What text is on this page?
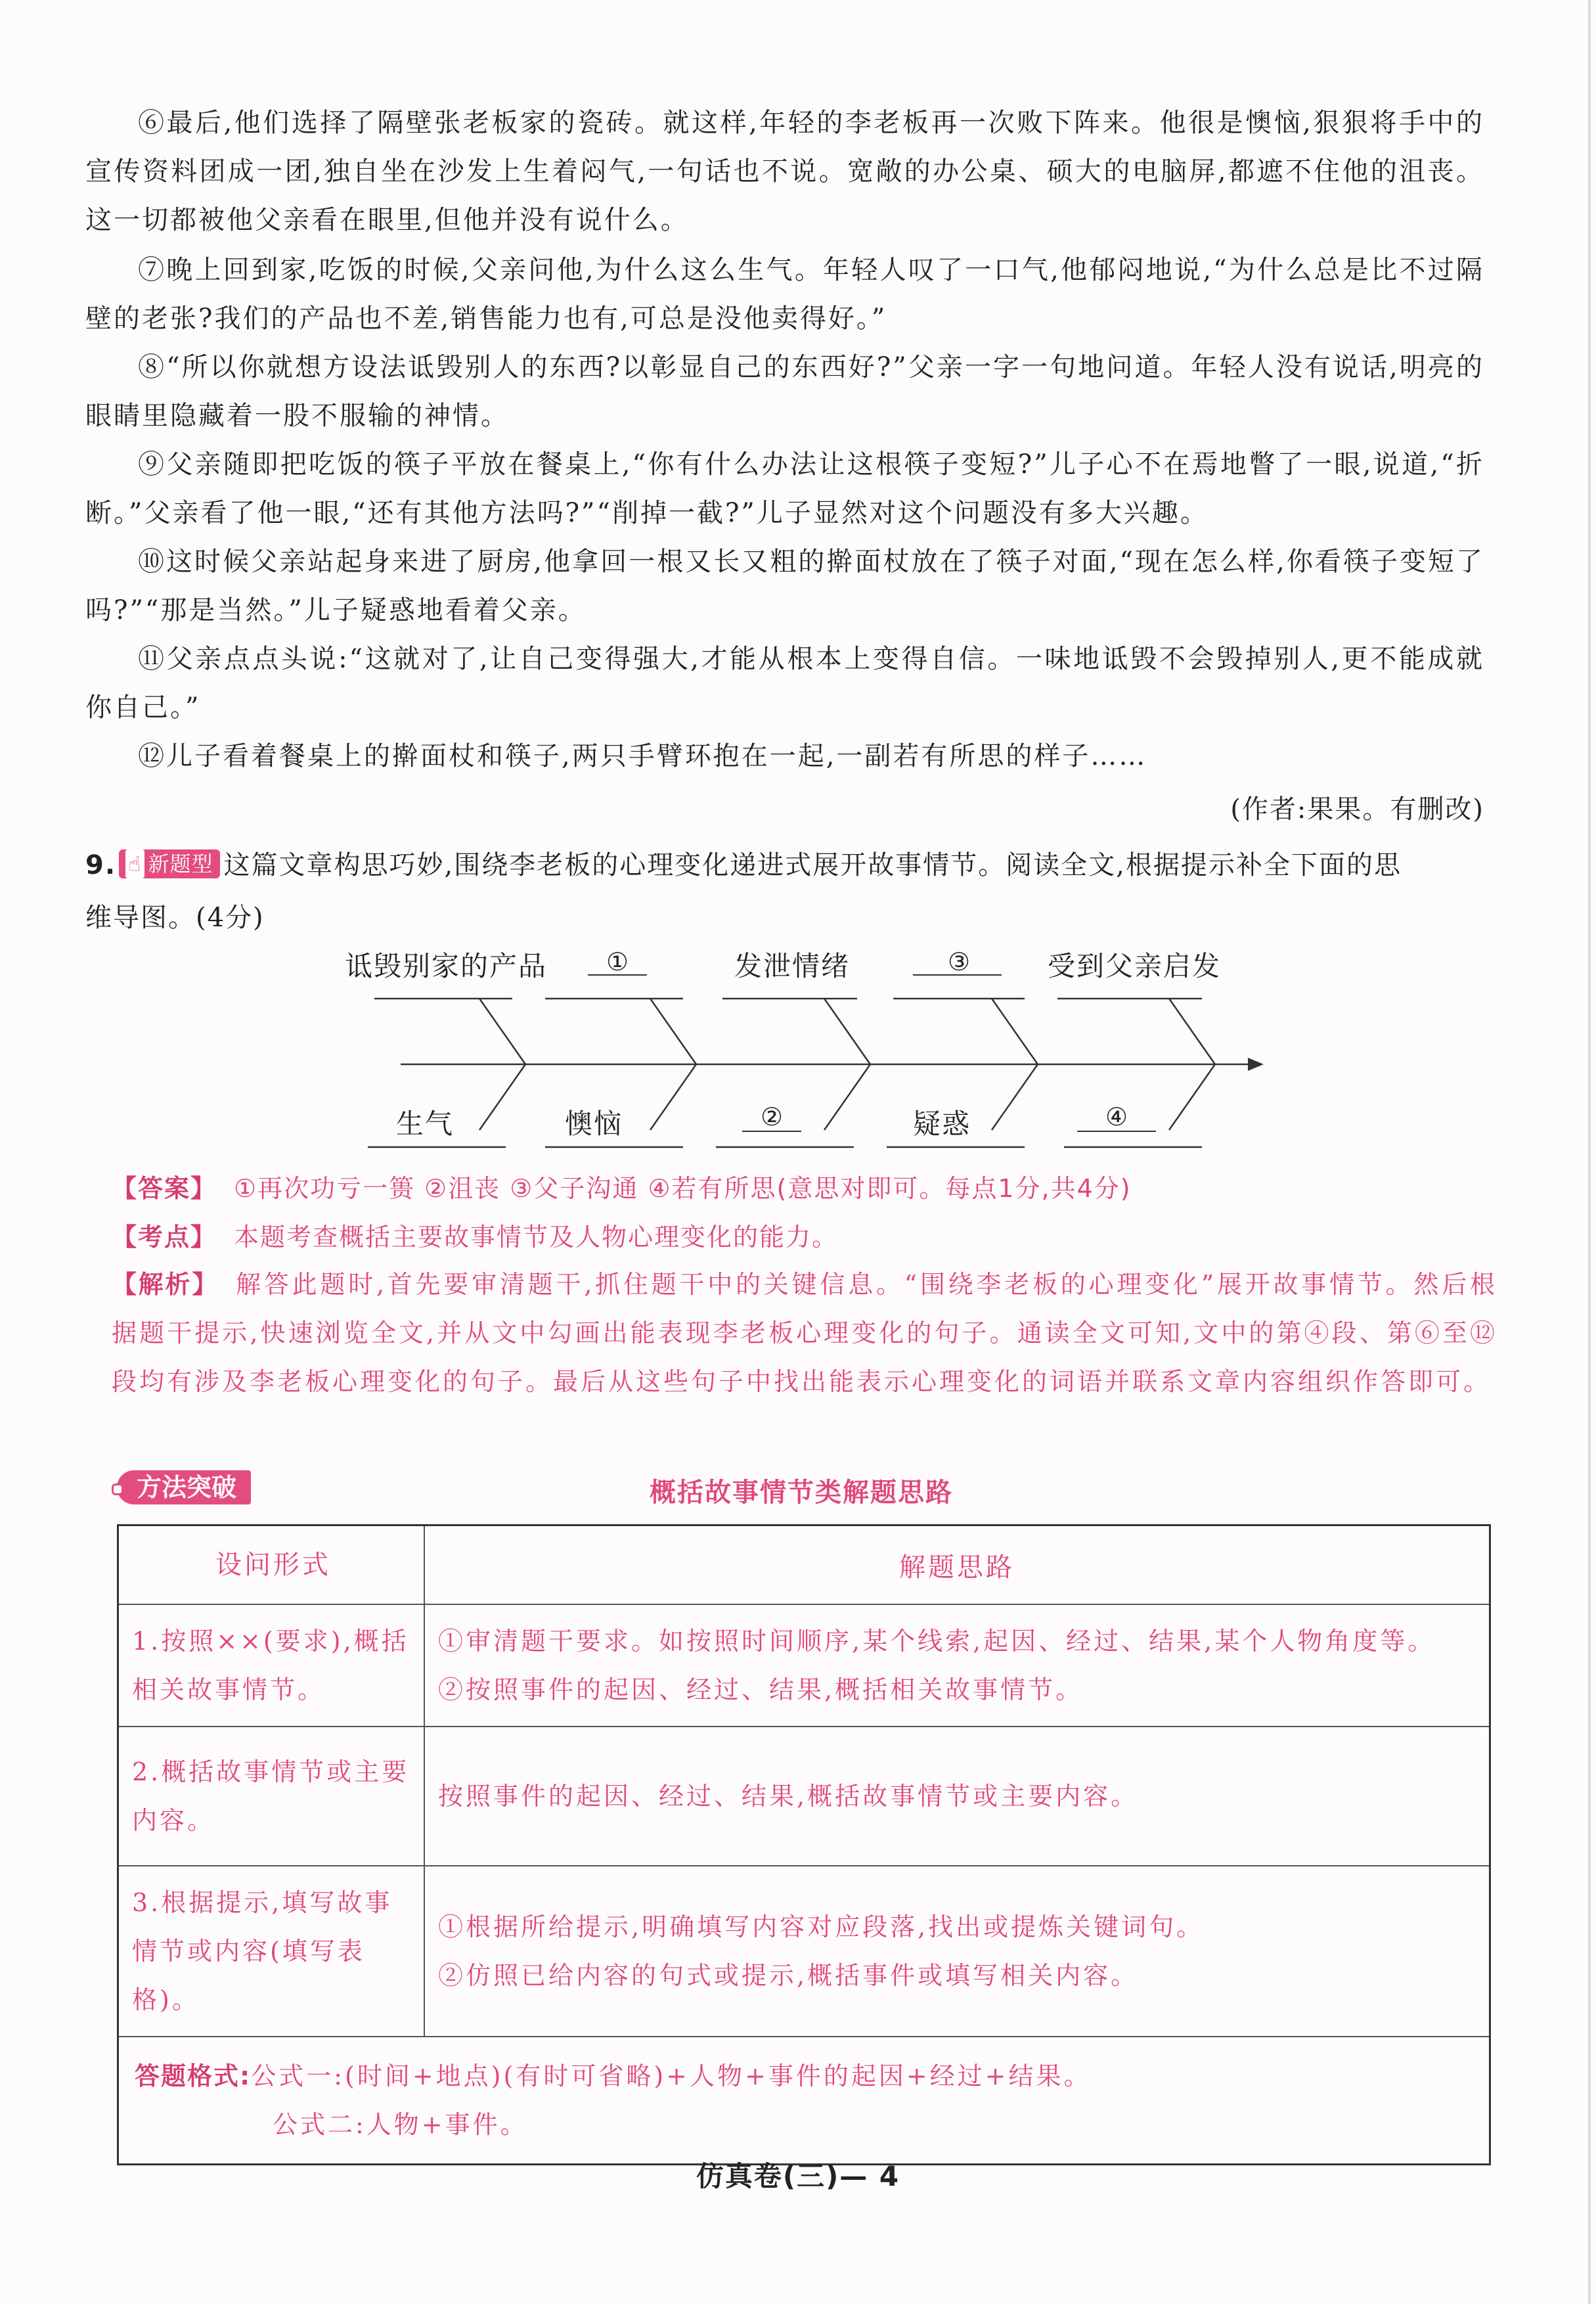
⑥最后,他们选择了隔壁张老板家的瓷砖。就这样,年轻的李老板再一次败下阵来。他很是懊恼,狠狠将手中的宣传资料团成一团,独自坐在沙发上生着闷气,一句话也不说。宽敞的办公桌、硕大的电脑屏,都遮不住他的沮丧。这一切都被他父亲看在眼里,但他并没有说什么。

⑦晚上回到家,吃饭的时候,父亲问他,为什么这么生气。年轻人叹了一口气,他郁闷地说,“为什么总是比不过隔壁的老张?我们的产品也不差,销售能力也有,可总是没他卖得好。”

⑧“所以你就想方设法诋毁别人的东西?以彰显自己的东西好?”父亲一字一句地问道。年轻人没有说话,明亮的眼睛里隐藏着一股不服输的神情。

⑨父亲随即把吃饭的筷子平放在餐桌上,“你有什么办法让这根筷子变短?”儿子心不在焉地瞥了一眼,说道,“折断。”父亲看了他一眼,“还有其他方法吗?”“削掉一截?”儿子显然对这个问题没有多大兴趣。

⑩这时候父亲站起身来进了厨房,他拿回一根又长又粗的擀面杖放在了筷子对面,“现在怎么样,你看筷子变短了吗?”“那是当然。”儿子疑惑地看着父亲。

⑪父亲点点头说:“这就对了,让自己变得强大,才能从根本上变得自信。一味地诋毁不会毁掉别人,更不能成就你自己。”

⑫儿子看着餐桌上的擀面杖和筷子,两只手臂环抱在一起,一副若有所思的样子……

(作者:果果。有删改)

9. ☝ 新题型 这篇文章构思巧妙,围绕李老板的心理变化递进式展开故事情节。阅读全文,根据提示补全下面的思
维导图。(4分)

诋毁别家的产品	①	发泄情绪	③	受到父亲启发
生气	懊恼	②	疑惑	④

【答案】 ①再次功亏一篑 ②沮丧 ③父子沟通 ④若有所思(意思对即可。每点1分,共4分)

【考点】 本题考查概括主要故事情节及人物心理变化的能力。

【解析】 解答此题时,首先要审清题干,抓住题干中的关键信息。“围绕李老板的心理变化”展开故事情节。然后根据题干提示,快速浏览全文,并从文中勾画出能表现李老板心理变化的句子。通读全文可知,文中的第④段、第⑥至⑫段均有涉及李老板心理变化的句子。最后从这些句子中找出能表示心理变化的词语并联系文章内容组织作答即可。

方法突破	概括故事情节类解题思路
设问形式	解题思路
1.按照××(要求),概括相关故事情节。	①审清题干要求。如按照时间顺序,某个线索,起因、经过、结果,某个人物角度等。
②按照事件的起因、经过、结果,概括相关故事情节。

2.概括故事情节或主要内容。	按照事件的起因、经过、结果,概括故事情节或主要内容。

3.根据提示,填写故事情节或内容(填写表格)。	①根据所给提示,明确填写内容对应段落,找出或提炼关键词句。
②仿照已给内容的句式或提示,概括事件或填写相关内容。

答题格式:公式一:(时间+地点)(有时可省略)+人物+事件的起因+经过+结果。
公式二:人物+事件。	
仿真卷(三)— 4
